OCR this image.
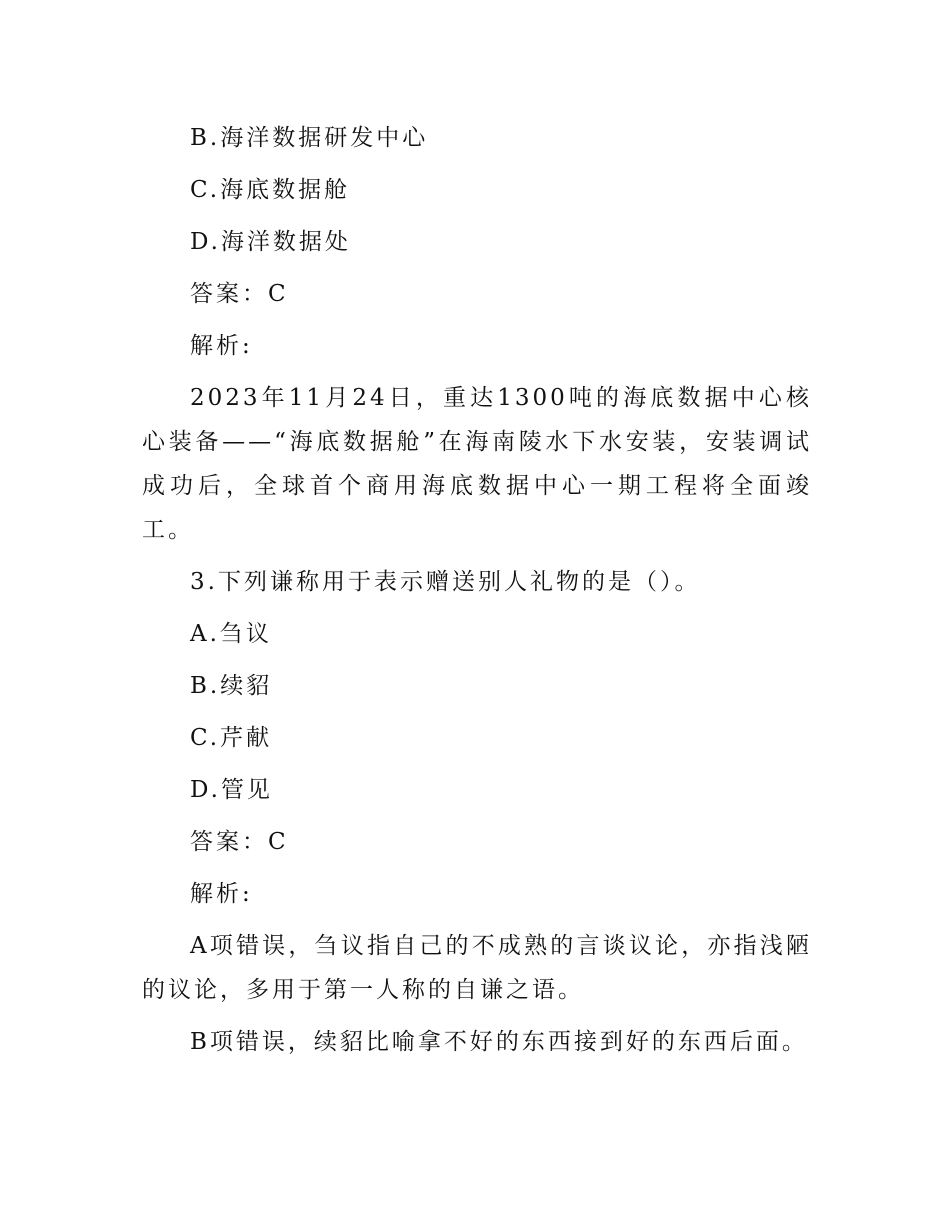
B.海洋数据研发中心
C.海底数据舱
D.海洋数据处
答案：C
解析:
2023年11月24日，重达1300吨的海底数据中心核心装备——“海底数据舱”在海南陵水下水安装，安装调试成功后，全球首个商用海底数据中心一期工程将全面竣工。
3.下列谦称用于表示赠送别人礼物的是（）。
A.刍议
B.续貂
C.芹献
D.管见
答案：C
解析:
A项错误，刍议指自己的不成熟的言谈议论，亦指浅陋的议论，多用于第一人称的自谦之语。
B项错误，续貂比喻拿不好的东西接到好的东西后面。
